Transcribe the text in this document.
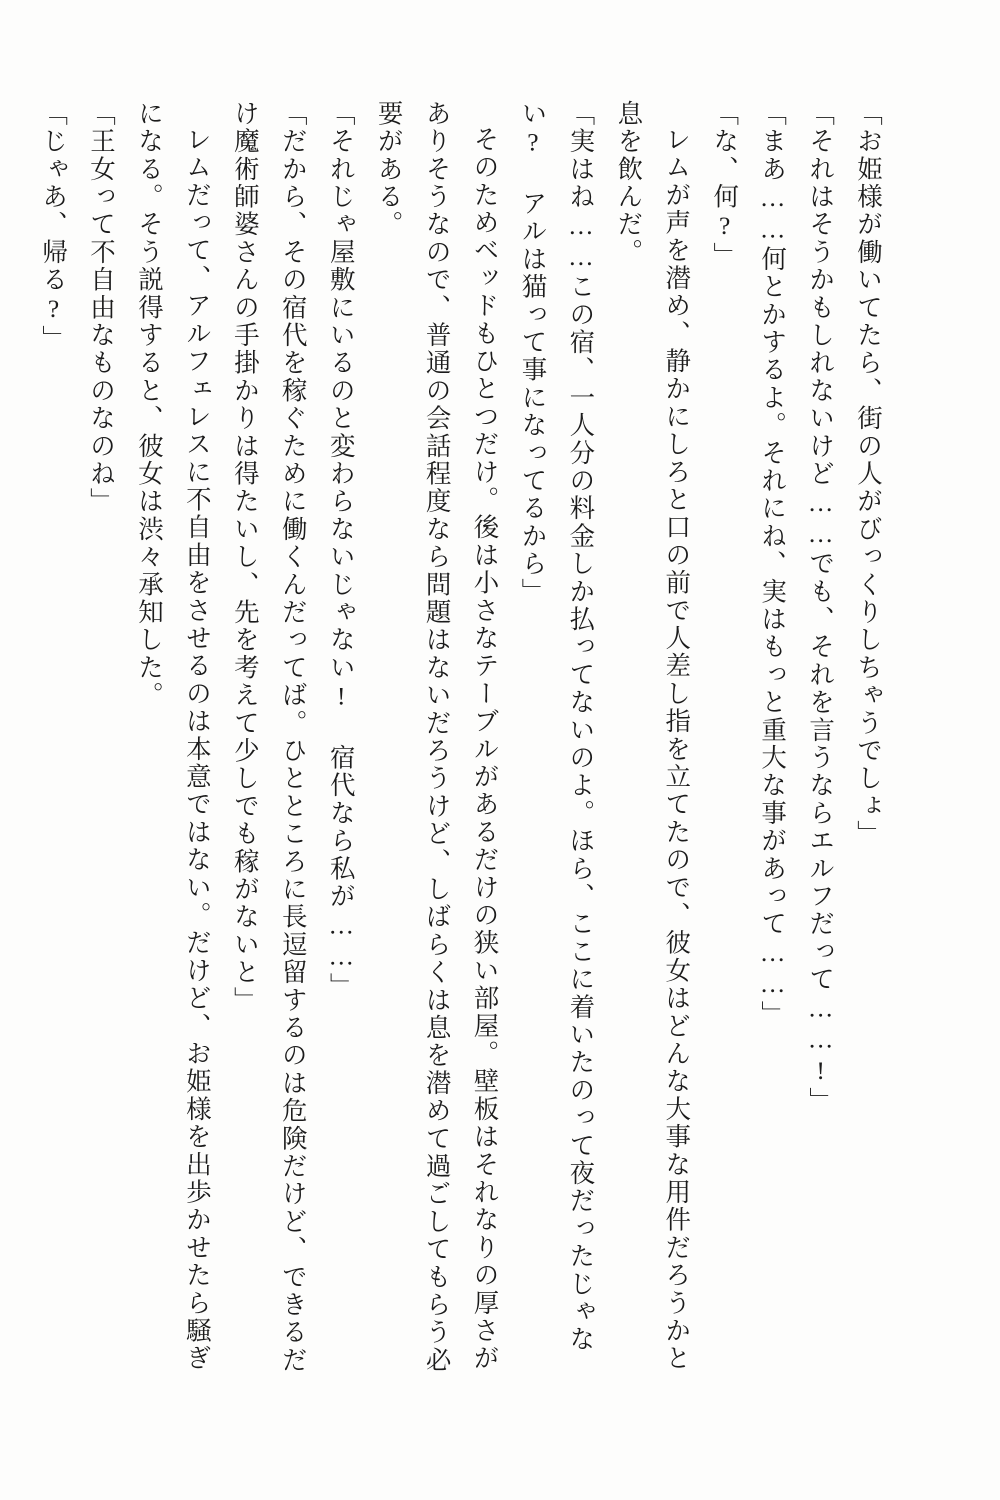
「お姫様が働いてたら、街の人がびっくりしちゃうでしょ」
「それはそうかもしれないけど……でも、それを言うならエルフだって……!」
「まあ……何とかするよ。それにね、実はもっと重大な事があって……」
「な、何?」
レムが声を潜め、静かにしろと口の前で人差し指を立てたので、彼女はどんな大事な用件だろうかと息を飲んだ。
「実はね……この宿、一人分の料金しか払ってないのよ。ほら、ここに着いたのって夜だったじゃない? アルは猫って事になってるから」
そのためベッドもひとつだけ。後は小さなテーブルがあるだけの狭い部屋。壁板はそれなりの厚さがありそうなので、普通の会話程度なら問題はないだろうけど、しばらくは息を潜めて過ごしてもらう必要がある。
「それじゃ屋敷にいるのと変わらないじゃない! 宿代なら私が……」
「だから、その宿代を稼ぐために働くんだってば。ひとところに長逗留するのは危険だけど、できるだけ魔術師婆さんの手掛かりは得たいし、先を考えて少しでも稼がないと」
レムだって、アルフェレスに不自由をさせるのは本意ではない。だけど、お姫様を出歩かせたら騒ぎになる。そう説得すると、彼女は渋々承知した。
「王女って不自由なものなのね」
「じゃあ、帰る?」
